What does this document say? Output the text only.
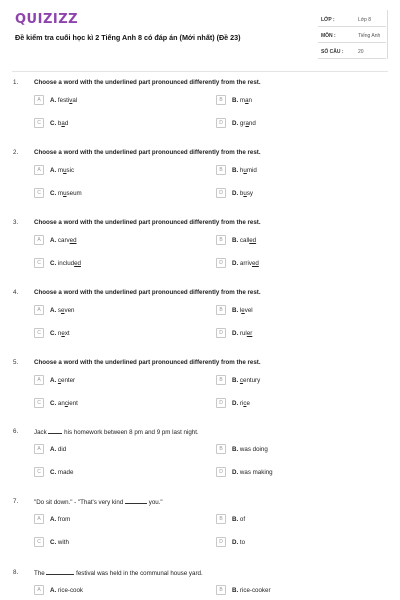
QUIZIZZ
Đề kiểm tra cuối học kì 2 Tiếng Anh 8 có đáp án (Mới nhất) (Đề 23)
LỚP :	Lớp 8
MÔN :	Tiếng Anh
SỐ CÂU :	20
1.	Choose a word with the underlined part pronounced differently from the rest.
A	A. festival	B	B. man
C	C. bad	D	D. grand
2.	Choose a word with the underlined part pronounced differently from the rest.
A	A. music	B	B. humid
C	C. museum	D	D. busy
3.	Choose a word with the underlined part pronounced differently from the rest.
A	A. carved	B	B. called
C	C. included	D	D. arrived
4.	Choose a word with the underlined part pronounced differently from the rest.
A	A. seven	B	B. level
C	C. next	D	D. ruler
5.	Choose a word with the underlined part pronounced differently from the rest.
A	A. center	B	B. century
C	C. ancient	D	D. rice
6.	Jack  his homework between 8 pm and 9 pm last night.
A	A. did	B	B. was doing
C	C. made	D	D. was making
7.	"Do sit down." - "That's very kind	you."
A	A. from	B	B. of
C	C. with	D	D. to
8.	The	festival was held in the communal house yard.
A	A. rice-cook	B	B. rice-cooker
